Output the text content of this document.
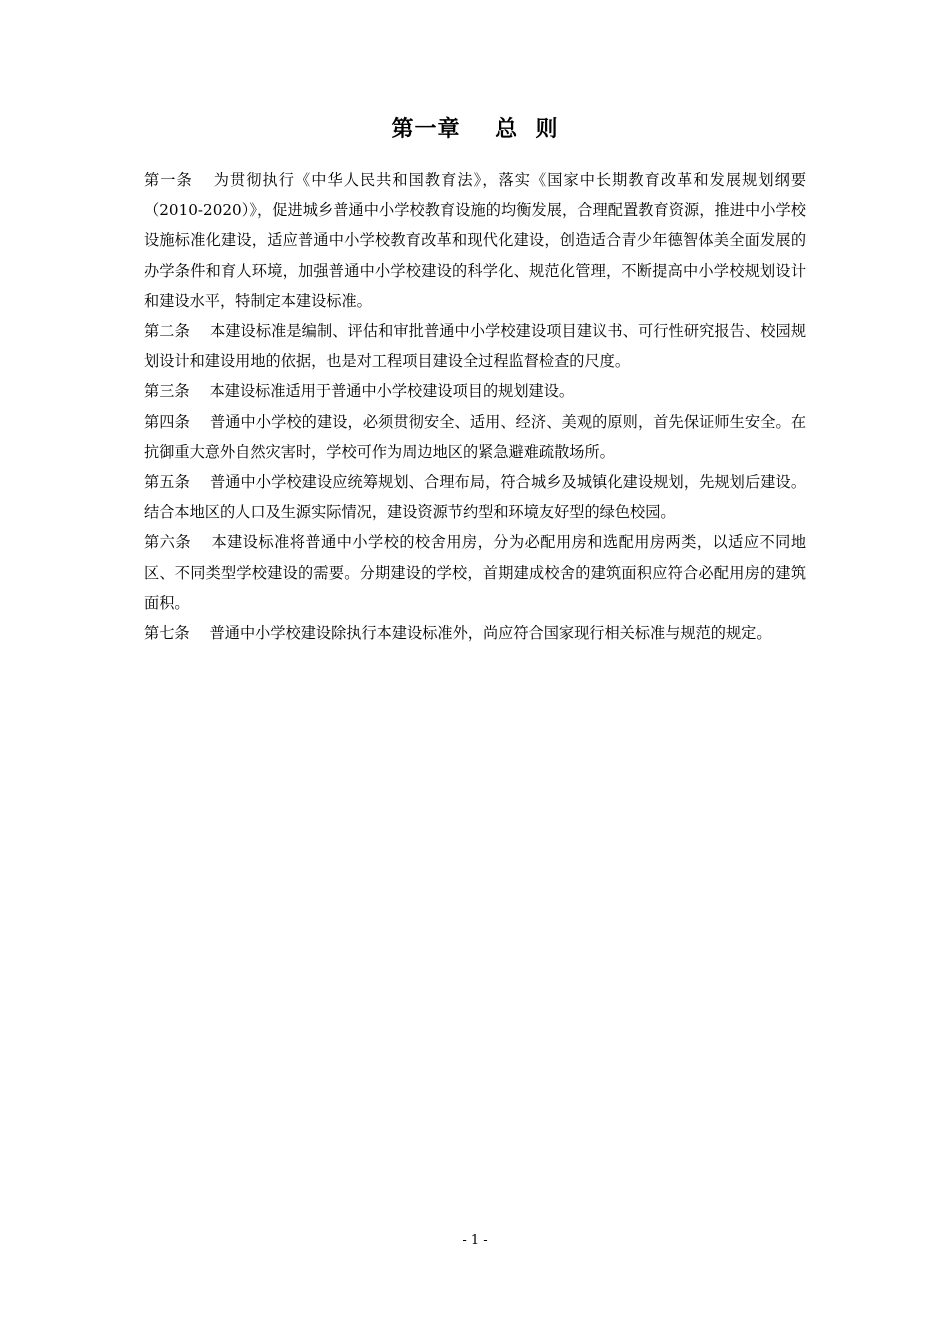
第一章    总  则

第一条 为贯彻执行《中华人民共和国教育法》，落实《国家中长期教育改革和发展规划纲要（2010-2020）》，促进城乡普通中小学校教育设施的均衡发展，合理配置教育资源，推进中小学校设施标准化建设，适应普通中小学校教育改革和现代化建设，创造适合青少年德智体美全面发展的办学条件和育人环境，加强普通中小学校建设的科学化、规范化管理，不断提高中小学校规划设计和建设水平，特制定本建设标准。

第二条 本建设标准是编制、评估和审批普通中小学校建设项目建议书、可行性研究报告、校园规划设计和建设用地的依据，也是对工程项目建设全过程监督检查的尺度。

第三条 本建设标准适用于普通中小学校建设项目的规划建设。

第四条 普通中小学校的建设，必须贯彻安全、适用、经济、美观的原则，首先保证师生安全。在抗御重大意外自然灾害时，学校可作为周边地区的紧急避难疏散场所。

第五条 普通中小学校建设应统筹规划、合理布局，符合城乡及城镇化建设规划，先规划后建设。结合本地区的人口及生源实际情况，建设资源节约型和环境友好型的绿色校园。

第六条 本建设标准将普通中小学校的校舍用房，分为必配用房和选配用房两类，以适应不同地区、不同类型学校建设的需要。分期建设的学校，首期建成校舍的建筑面积应符合必配用房的建筑面积。

第七条 普通中小学校建设除执行本建设标准外，尚应符合国家现行相关标准与规范的规定。

- 1 -
